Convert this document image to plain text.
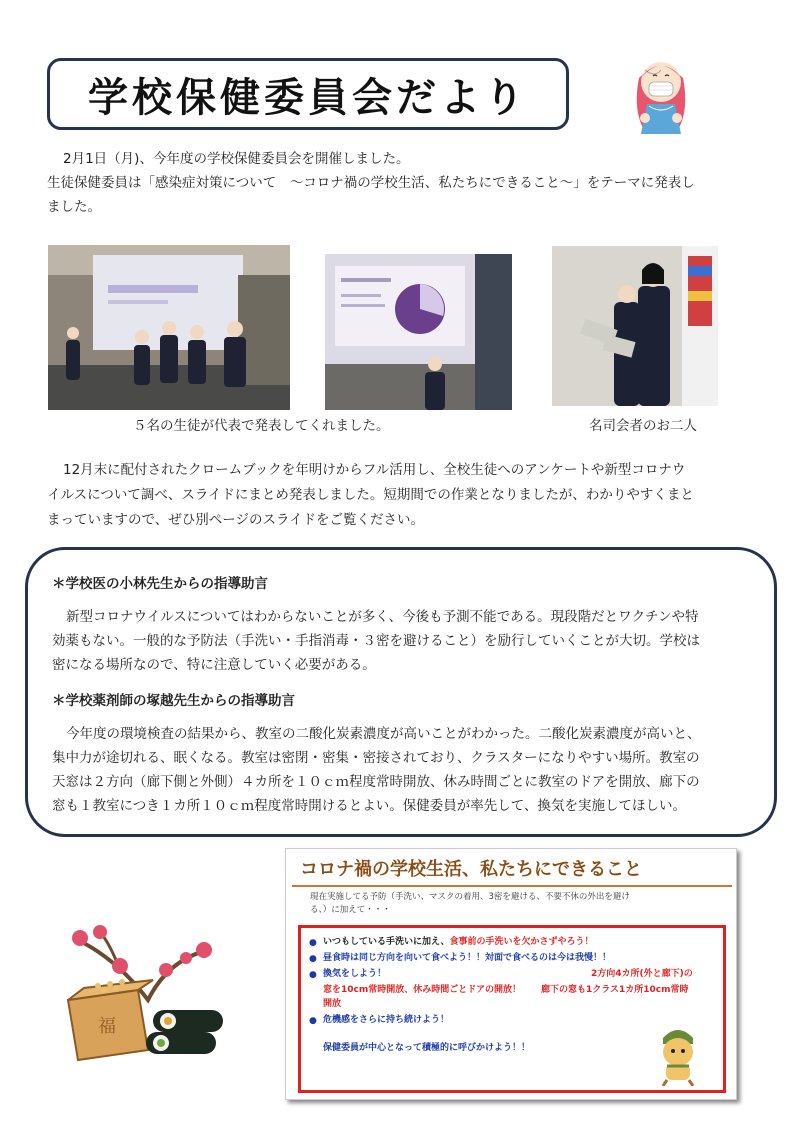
学校保健委員会だより

2月1日（月)、今年度の学校保健委員会を開催しました。

生徒保健委員は「感染症対策について　〜コロナ禍の学校生活、私たちにできること〜」をテーマに発表し

ました。

５名の生徒が代表で発表してくれました。	名司会者のお二人

12月末に配付されたクロームブックを年明けからフル活用し、全校生徒へのアンケートや新型コロナウ

イルスについて調べ、スライドにまとめ発表しました。短期間での作業となりましたが、わかりやすくまと

まっていますので、ぜひ別ページのスライドをご覧ください。

＊学校医の小林先生からの指導助言

新型コロナウイルスについてはわからないことが多く、今後も予測不能である。現段階だとワクチンや特

効薬もない。一般的な予防法（手洗い・手指消毒・３密を避けること）を励行していくことが大切。学校は

密になる場所なので、特に注意していく必要がある。

＊学校薬剤師の塚越先生からの指導助言

今年度の環境検査の結果から、教室の二酸化炭素濃度が高いことがわかった。二酸化炭素濃度が高いと、

集中力が途切れる、眠くなる。教室は密閉・密集・密接されており、クラスターになりやすい場所。教室の

天窓は２方向（廊下側と外側）４カ所を１０ｃｍ程度常時開放、休み時間ごとに教室のドアを開放、廊下の

窓も１教室につき１カ所１０ｃｍ程度常時開けるとよい。保健委員が率先して、換気を実施してほしい。

福
コロナ禍の学校生活、私たちにできること

現在実施してる予防（手洗い、マスクの着用、3密を避ける、不要不休の外出を避け
る、）に加えて・・・

● いつもしている手洗いに加え、食事前の手洗いを欠かさずやろう！
● 昼食時は同じ方向を向いて食べよう！！対面で食べるのは今は我慢！！
● 換気をしよう！	2方向4カ所(外と廊下)の
窓を10cm常時開放、休み時間ごとドアの開放！ 廊下の窓も1クラス1カ所10cm常時
開放
● 危機感をさらに持ち続けよう！
保健委員が中心となって積極的に呼びかけよう！！
